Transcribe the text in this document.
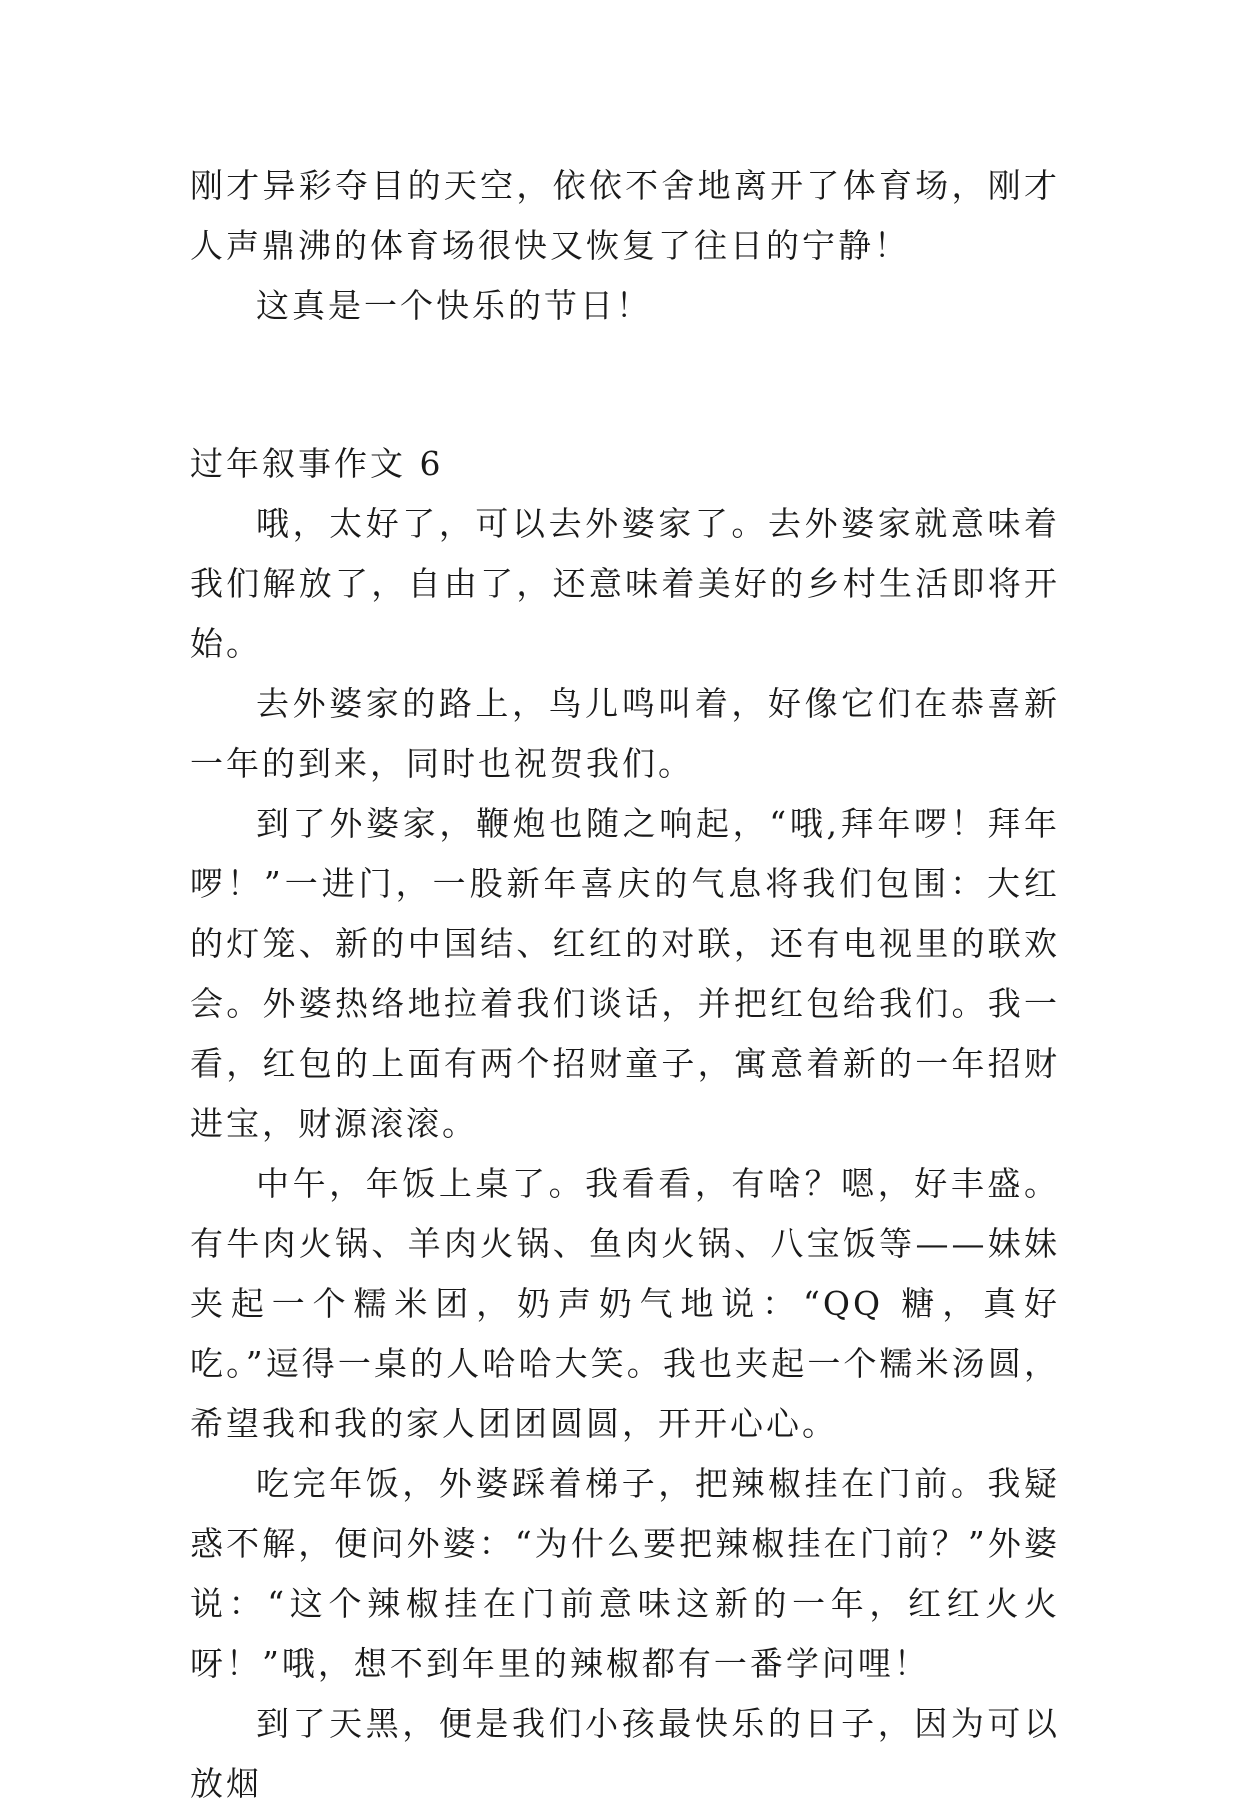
刚才异彩夺目的天空，依依不舍地离开了体育场，刚才人声鼎沸的体育场很快又恢复了往日的宁静！

这真是一个快乐的节日！

过年叙事作文 6

哦，太好了，可以去外婆家了。去外婆家就意味着我们解放了，自由了，还意味着美好的乡村生活即将开始。

去外婆家的路上，鸟儿鸣叫着，好像它们在恭喜新一年的到来，同时也祝贺我们。

到了外婆家，鞭炮也随之响起，“哦,拜年啰！拜年啰！”一进门，一股新年喜庆的气息将我们包围：大红的灯笼、新的中国结、红红的对联，还有电视里的联欢会。外婆热络地拉着我们谈话，并把红包给我们。我一看，红包的上面有两个招财童子，寓意着新的一年招财进宝，财源滚滚。

中午，年饭上桌了。我看看，有啥？嗯，好丰盛。有牛肉火锅、羊肉火锅、鱼肉火锅、八宝饭等——妹妹夹起一个糯米团，奶声奶气地说：“QQ 糖，真好吃。”逗得一桌的人哈哈大笑。我也夹起一个糯米汤圆，希望我和我的家人团团圆圆，开开心心。

吃完年饭，外婆踩着梯子，把辣椒挂在门前。我疑惑不解，便问外婆：“为什么要把辣椒挂在门前？”外婆说：“这个辣椒挂在门前意味这新的一年，红红火火呀！”哦，想不到年里的辣椒都有一番学问哩！

到了天黑，便是我们小孩最快乐的日子，因为可以放烟
